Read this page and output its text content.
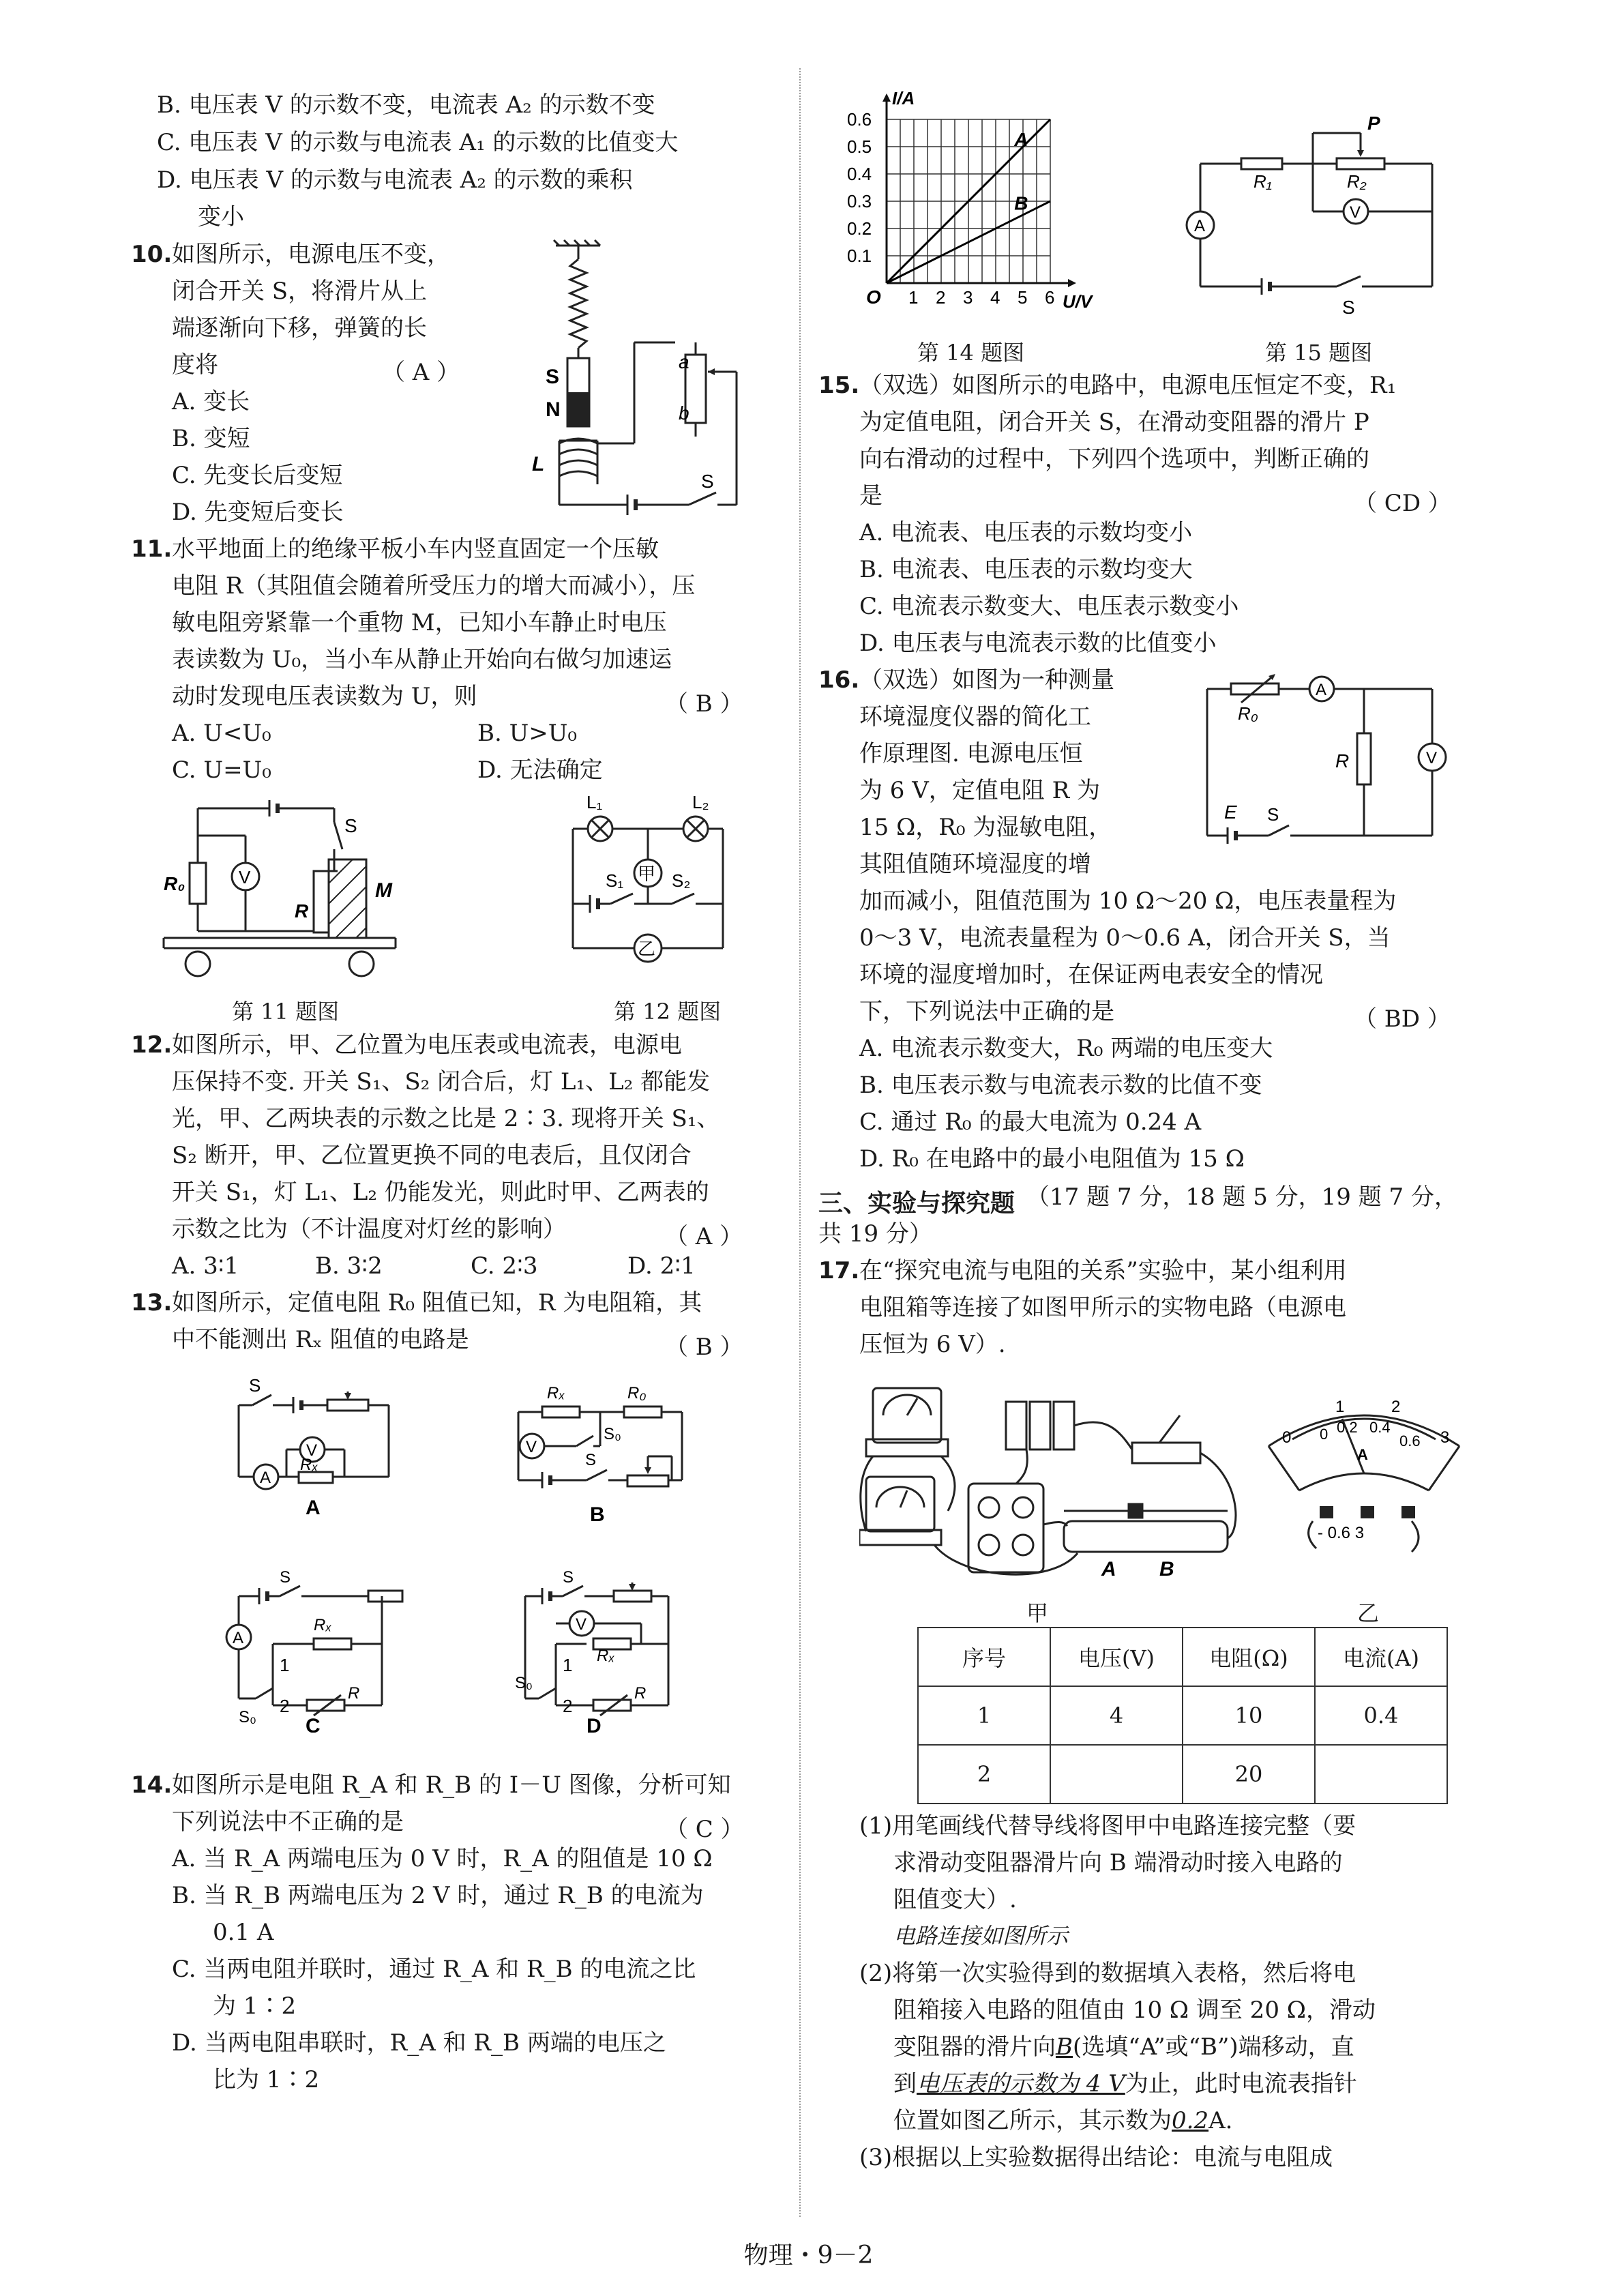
B. 电压表 V 的示数不变，电流表 A₂ 的示数不变
C. 电压表 V 的示数与电流表 A₁ 的示数的比值变大
D. 电压表 V 的示数与电流表 A₂ 的示数的乘积
变小
10. 如图所示，电源电压不变，
闭合开关 S，将滑片从上
端逐渐向下移，弹簧的长
度将	（ A ）
A. 变长
B. 变短
C. 先变长后变短
D. 先变短后变长
S
N
L
a
b
S
11. 水平地面上的绝缘平板小车内竖直固定一个压敏
电阻 R（其阻值会随着所受压力的增大而减小），压
敏电阻旁紧靠一个重物 M，已知小车静止时电压
表读数为 U₀，当小车从静止开始向右做匀加速运
动时发现电压表读数为 U，则	（ B ）
A. U<U₀	B. U>U₀
C. U=U₀	D. 无法确定
R₀	V
S
R
M
L₁	L₂
甲
S₁	S₂
乙
第 11 题图	第 12 题图
12. 如图所示，甲、乙位置为电压表或电流表，电源电
压保持不变. 开关 S₁、S₂ 闭合后，灯 L₁、L₂ 都能发
光，甲、乙两块表的示数之比是 2∶3. 现将开关 S₁、
S₂ 断开，甲、乙位置更换不同的电表后，且仅闭合
开关 S₁，灯 L₁、L₂ 仍能发光，则此时甲、乙两表的
示数之比为（不计温度对灯丝的影响）	（ A ）
A. 3∶1	B. 3∶2	C. 2∶3	D. 2∶1
13. 如图所示，定值电阻 R₀ 阻值已知，R 为电阻箱，其
中不能测出 Rₓ 阻值的电路是	（ B ）
S
A
V
Rₓ
A
Rₓ	R₀
V
S₀
S
B
A
S
Rₓ
1
2
S₀
R
C
V
S
Rₓ
1
2
S₀
R
D
14. 如图所示是电阻 R_A 和 R_B 的 I－U 图像，分析可知
下列说法中不正确的是	（ C ）
A. 当 R_A 两端电压为 0 V 时，R_A 的阻值是 10 Ω
B. 当 R_B 两端电压为 2 V 时，通过 R_B 的电流为
0.1 A
C. 当两电阻并联时，通过 R_A 和 R_B 的电流之比
为 1∶2
D. 当两电阻串联时，R_A 和 R_B 两端的电压之
比为 1∶2
1 2 3 4 5 6
0.1
0.2
0.3
0.4
0.5
0.6
O	U/V
I/A
A
B
P
R₁	R₂
A
V
S
第 14 题图	第 15 题图
15. （双选）如图所示的电路中，电源电压恒定不变，R₁
为定值电阻，闭合开关 S，在滑动变阻器的滑片 P
向右滑动的过程中，下列四个选项中，判断正确的
是	（ CD ）
A. 电流表、电压表的示数均变小
B. 电流表、电压表的示数均变大
C. 电流表示数变大、电压表示数变小
D. 电压表与电流表示数的比值变小
16. （双选）如图为一种测量
环境湿度仪器的简化工
作原理图. 电源电压恒
为 6 V，定值电阻 R 为
15 Ω，R₀ 为湿敏电阻，
其阻值随环境湿度的增
加而减小，阻值范围为 10 Ω～20 Ω，电压表量程为
0～3 V，电流表量程为 0～0.6 A，闭合开关 S，当
环境的湿度增加时，在保证两电表安全的情况
下，下列说法中正确的是	（ BD ）
A. 电流表示数变大，R₀ 两端的电压变大
B. 电压表示数与电流表示数的比值不变
C. 通过 R₀ 的最大电流为 0.24 A
D. R₀ 在电路中的最小电阻值为 15 Ω
R₀
A
R	V
E S
三、实验与探究题 （17 题 7 分，18 题 5 分，19 题 7 分，
共 19 分）
17. 在“探究电流与电阻的关系”实验中，某小组利用
电阻箱等连接了如图甲所示的实物电路（电源电
压恒为 6 V）.
A B
0
1	2
3
0 0.2 0.4
0.6
A
- 0.6 3
甲	乙
序号	电压(V)	电阻(Ω)	电流(A)
1	4	10	0.4
2		20	
(1)用笔画线代替导线将图甲中电路连接完整（要
求滑动变阻器滑片向 B 端滑动时接入电路的
阻值变大）.
电路连接如图所示
(2)将第一次实验得到的数据填入表格，然后将电
阻箱接入电路的阻值由 10 Ω 调至 20 Ω，滑动
变阻器的滑片向B(选填“A”或“B”)端移动，直
到电压表的示数为 4 V为止，此时电流表指针
位置如图乙所示，其示数为0.2A.
(3)根据以上实验数据得出结论：电流与电阻成
物理・9－2
